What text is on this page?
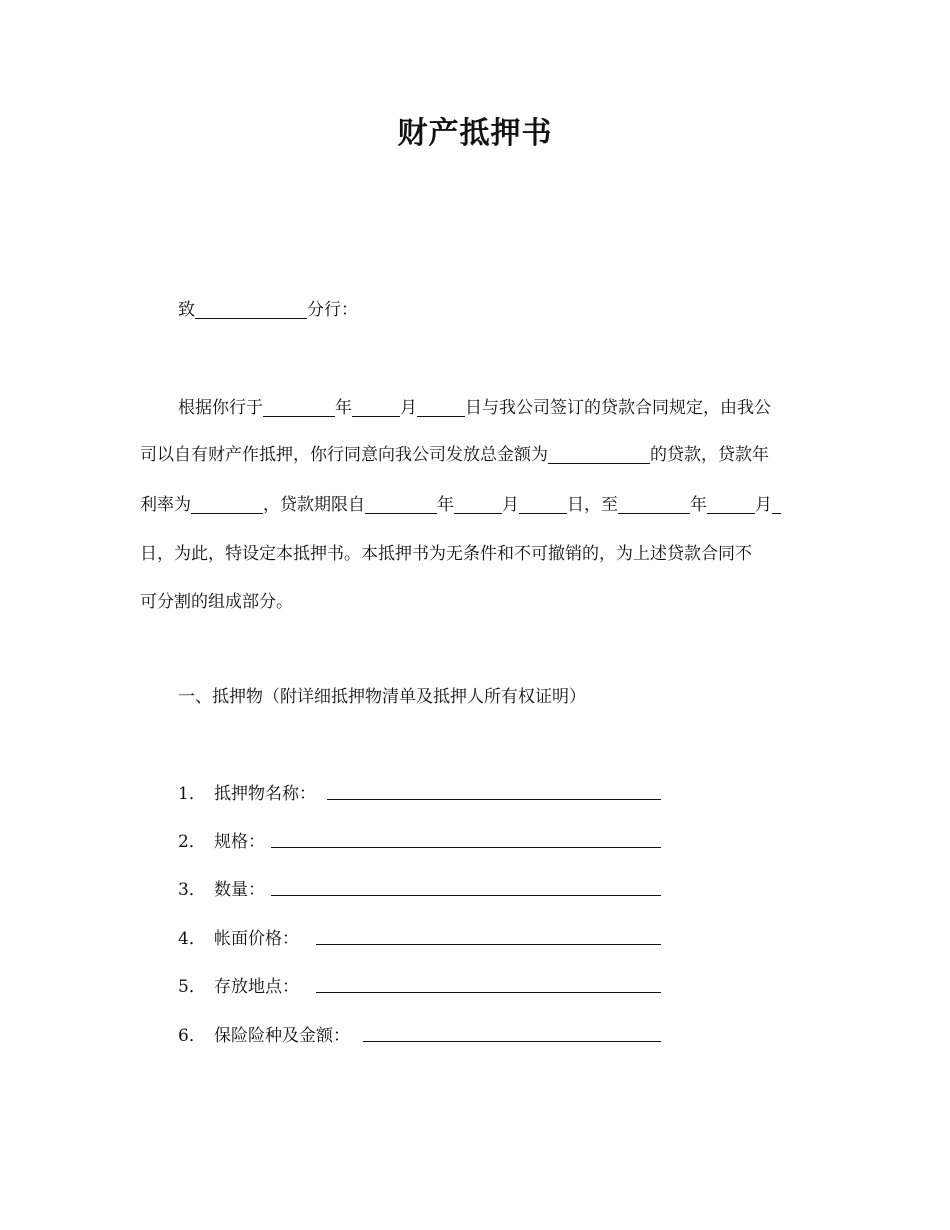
财产抵押书
致	分行：
根据你行于	年	月	日与我公司签订的贷款合同规定，由我公
司以自有财产作抵押，你行同意向我公司发放总金额为	的贷款，贷款年
利率为	，贷款期限自	年	月	日，至	年	月
日，为此，特设定本抵押书。本抵押书为无条件和不可撤销的，为上述贷款合同不
可分割的组成部分。
一、抵押物（附详细抵押物清单及抵押人所有权证明）
1． 抵押物名称：
2． 规格：
3． 数量：
4． 帐面价格：
5． 存放地点：
6． 保险险种及金额：
